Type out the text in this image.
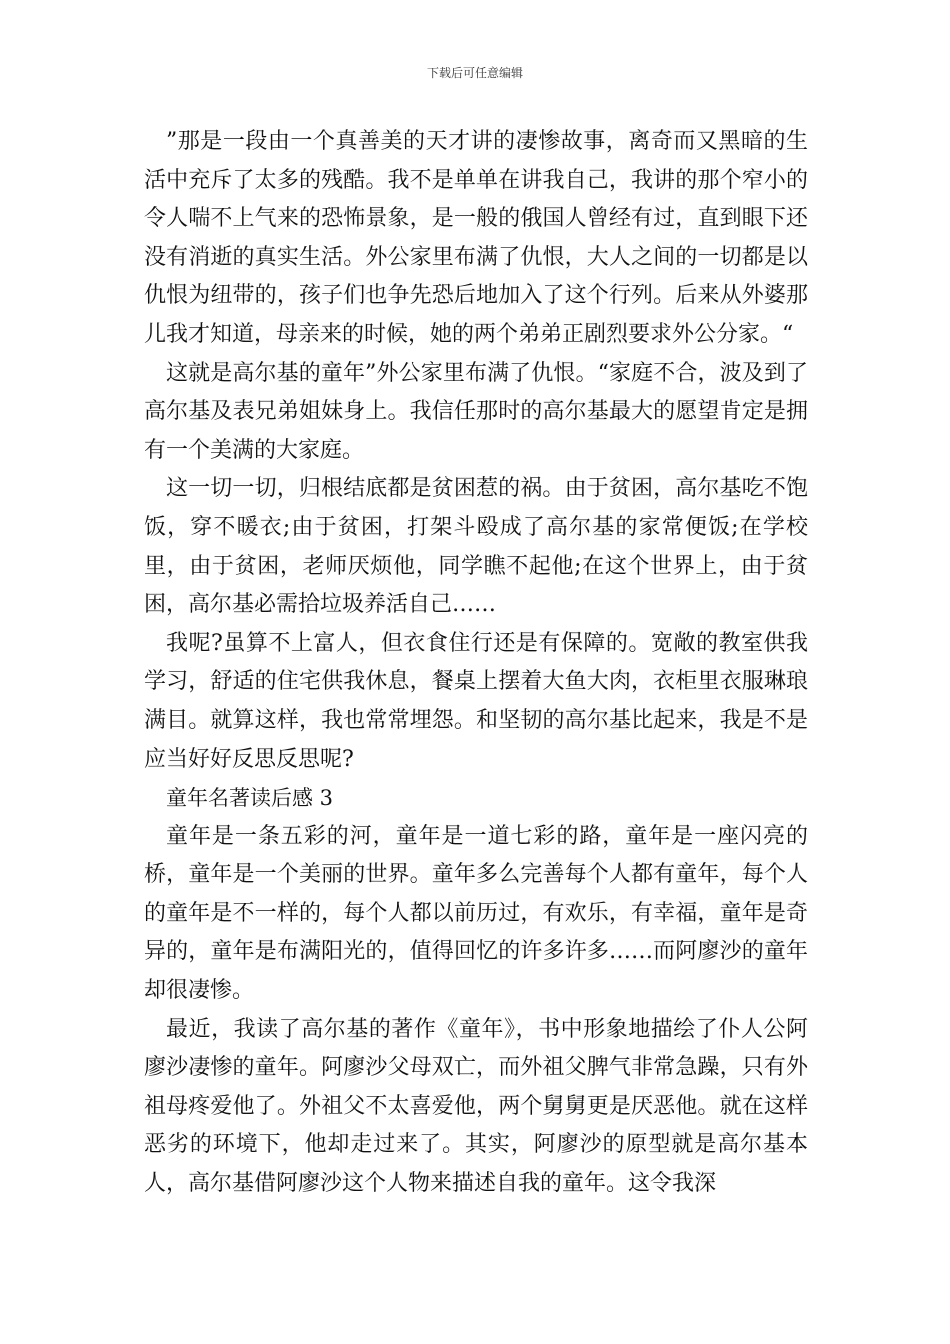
下载后可任意编辑

”那是一段由一个真善美的天才讲的凄惨故事，离奇而又黑暗的生活中充斥了太多的残酷。我不是单单在讲我自己，我讲的那个窄小的令人喘不上气来的恐怖景象，是一般的俄国人曾经有过，直到眼下还没有消逝的真实生活。外公家里布满了仇恨，大人之间的一切都是以仇恨为纽带的，孩子们也争先恐后地加入了这个行列。后来从外婆那儿我才知道，母亲来的时候，她的两个弟弟正剧烈要求外公分家。“

这就是高尔基的童年”外公家里布满了仇恨。“家庭不合，波及到了高尔基及表兄弟姐妹身上。我信任那时的高尔基最大的愿望肯定是拥有一个美满的大家庭。

这一切一切，归根结底都是贫困惹的祸。由于贫困，高尔基吃不饱饭，穿不暖衣;由于贫困，打架斗殴成了高尔基的家常便饭;在学校里，由于贫困，老师厌烦他，同学瞧不起他;在这个世界上，由于贫困，高尔基必需拾垃圾养活自己……

我呢?虽算不上富人，但衣食住行还是有保障的。宽敞的教室供我学习，舒适的住宅供我休息，餐桌上摆着大鱼大肉，衣柜里衣服琳琅满目。就算这样，我也常常埋怨。和坚韧的高尔基比起来，我是不是应当好好反思反思呢?

童年名著读后感 3

童年是一条五彩的河，童年是一道七彩的路，童年是一座闪亮的桥，童年是一个美丽的世界。童年多么完善每个人都有童年，每个人的童年是不一样的，每个人都以前历过，有欢乐，有幸福，童年是奇异的，童年是布满阳光的，值得回忆的许多许多……而阿廖沙的童年却很凄惨。

最近，我读了高尔基的著作《童年》，书中形象地描绘了仆人公阿廖沙凄惨的童年。阿廖沙父母双亡，而外祖父脾气非常急躁，只有外祖母疼爱他了。外祖父不太喜爱他，两个舅舅更是厌恶他。就在这样恶劣的环境下，他却走过来了。其实，阿廖沙的原型就是高尔基本人，高尔基借阿廖沙这个人物来描述自我的童年。这令我深
